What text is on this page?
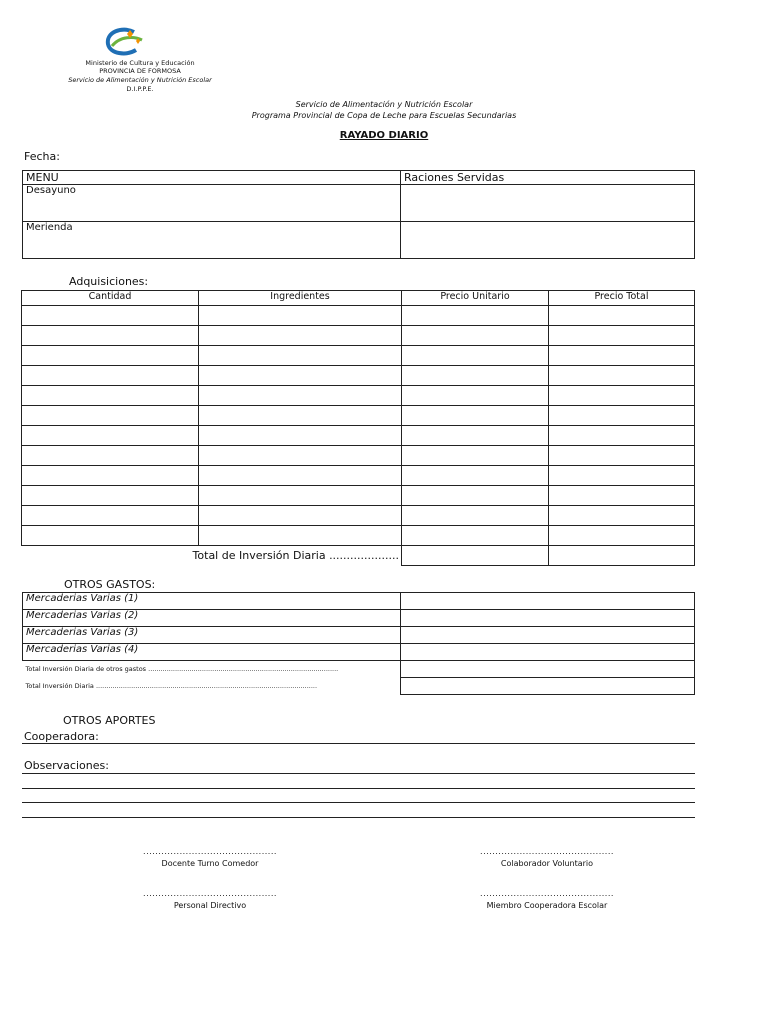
Ministerio de Cultura y Educación
PROVINCIA DE FORMOSA
Servicio de Alimentación y Nutrición Escolar
D.I.P.P.E.
Servicio de Alimentación y Nutrición Escolar
Programa Provincial de Copa de Leche para Escuelas Secundarias
RAYADO DIARIO
Fecha:
MENU	Raciones Servidas
Desayuno	
Merienda	
Adquisiciones:
Cantidad	Ingredientes	Precio Unitario	Precio Total

Total de Inversión Diaria ....................			
OTROS GASTOS:
Mercaderias Varias (1)	
Mercaderias Varias (2)	
Mercaderias Varias (3)	
Mercaderias Varias (4)	
Total Inversión Diaria de otros gastos ............................................................................................	
Total Inversión Diaria ...........................................................................................................	
OTROS APORTES
Cooperadora:
Observaciones:
............................................
Docente Turno Comedor
............................................
Colaborador Voluntario
............................................
Personal Directivo
............................................
Miembro Cooperadora Escolar
